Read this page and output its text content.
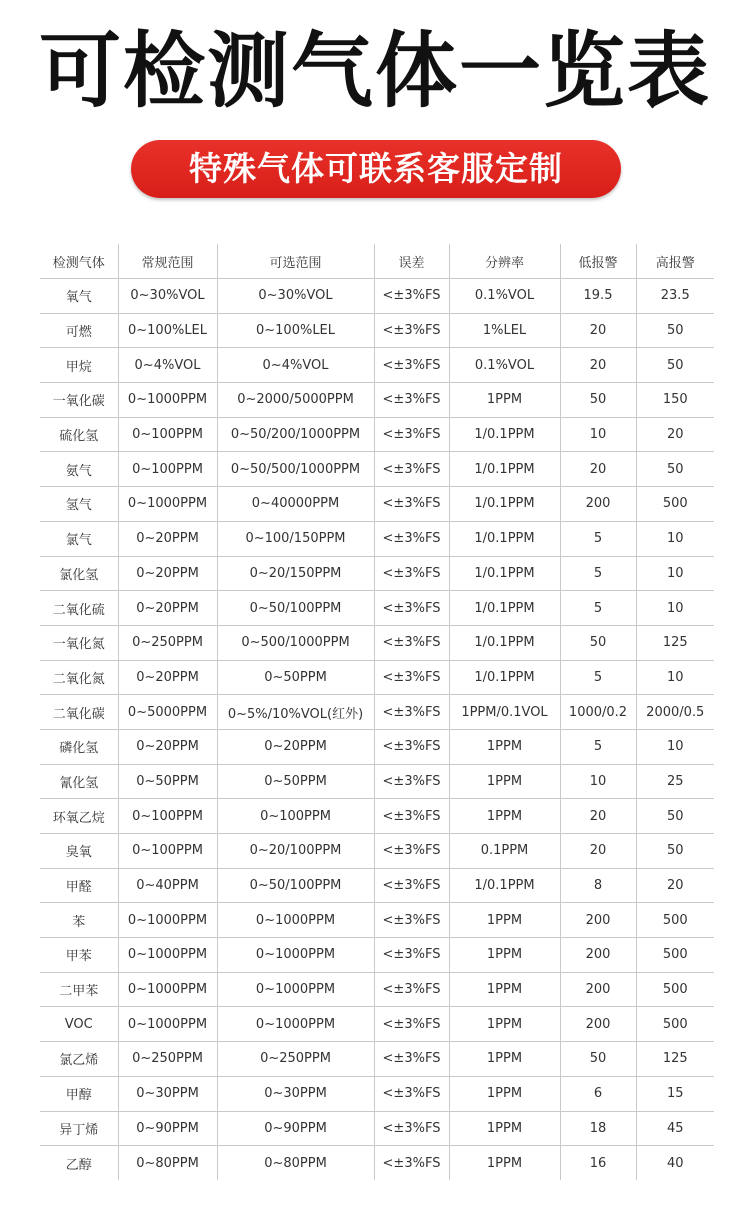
可检测气体一览表
特殊气体可联系客服定制
检测气体	常规范围	可选范围	误差	分辨率	低报警	高报警
氧气	0~30%VOL	0~30%VOL	<±3%FS	0.1%VOL	19.5	23.5
可燃	0~100%LEL	0~100%LEL	<±3%FS	1%LEL	20	50
甲烷	0~4%VOL	0~4%VOL	<±3%FS	0.1%VOL	20	50
一氧化碳	0~1000PPM	0~2000/5000PPM	<±3%FS	1PPM	50	150
硫化氢	0~100PPM	0~50/200/1000PPM	<±3%FS	1/0.1PPM	10	20
氨气	0~100PPM	0~50/500/1000PPM	<±3%FS	1/0.1PPM	20	50
氢气	0~1000PPM	0~40000PPM	<±3%FS	1/0.1PPM	200	500
氯气	0~20PPM	0~100/150PPM	<±3%FS	1/0.1PPM	5	10
氯化氢	0~20PPM	0~20/150PPM	<±3%FS	1/0.1PPM	5	10
二氧化硫	0~20PPM	0~50/100PPM	<±3%FS	1/0.1PPM	5	10
一氧化氮	0~250PPM	0~500/1000PPM	<±3%FS	1/0.1PPM	50	125
二氧化氮	0~20PPM	0~50PPM	<±3%FS	1/0.1PPM	5	10
二氧化碳	0~5000PPM	0~5%/10%VOL(红外)	<±3%FS	1PPM/0.1VOL	1000/0.2	2000/0.5
磷化氢	0~20PPM	0~20PPM	<±3%FS	1PPM	5	10
氰化氢	0~50PPM	0~50PPM	<±3%FS	1PPM	10	25
环氧乙烷	0~100PPM	0~100PPM	<±3%FS	1PPM	20	50
臭氧	0~100PPM	0~20/100PPM	<±3%FS	0.1PPM	20	50
甲醛	0~40PPM	0~50/100PPM	<±3%FS	1/0.1PPM	8	20
苯	0~1000PPM	0~1000PPM	<±3%FS	1PPM	200	500
甲苯	0~1000PPM	0~1000PPM	<±3%FS	1PPM	200	500
二甲苯	0~1000PPM	0~1000PPM	<±3%FS	1PPM	200	500
VOC	0~1000PPM	0~1000PPM	<±3%FS	1PPM	200	500
氯乙烯	0~250PPM	0~250PPM	<±3%FS	1PPM	50	125
甲醇	0~30PPM	0~30PPM	<±3%FS	1PPM	6	15
异丁烯	0~90PPM	0~90PPM	<±3%FS	1PPM	18	45
乙醇	0~80PPM	0~80PPM	<±3%FS	1PPM	16	40
